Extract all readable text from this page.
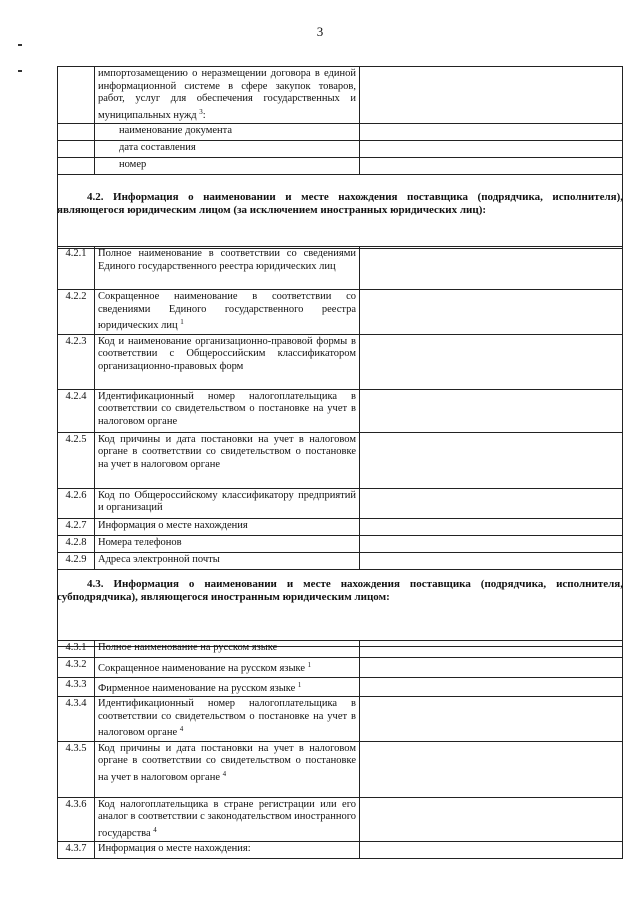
3
	импортозамещению о неразмещении договора в единой информационной системе в сфере закупок товаров, работ, услуг для обеспечения государственных и муниципальных нужд $^3$:	
	наименование документа	
	дата составления	
	номер	

4.2. Информация о наименовании и месте нахождения поставщика (подрядчика, исполнителя), являющегося юридическим лицом (за исключением иностранных юридических лиц):
4.2.1	Полное наименование в соответствии со сведениями Единого государственного реестра юридических лиц	
4.2.2	Сокращенное наименование в соответствии со сведениями Единого государственного реестра юридических лиц $^1$	
4.2.3	Код и наименование организационно-правовой формы в соответствии с Общероссийским классификатором организационно-правовых форм	
4.2.4	Идентификационный номер налогоплательщика в соответствии со свидетельством о постановке на учет в налоговом органе	
4.2.5	Код причины и дата постановки на учет в налоговом органе в соответствии со свидетельством о постановке на учет в налоговом органе	
4.2.6	Код по Общероссийскому классификатору предприятий и организаций	
4.2.7	Информация о месте нахождения	
4.2.8	Номера телефонов	
4.2.9	Адреса электронной почты	

4.3. Информация о наименовании и месте нахождения поставщика (подрядчика, исполнителя, субподрядчика), являющегося иностранным юридическим лицом:
4.3.1	Полное наименование на русском языке	
4.3.2	Сокращенное наименование на русском языке $^1$	
4.3.3	Фирменное наименование на русском языке $^1$	
4.3.4	Идентификационный номер налогоплательщика в соответствии со свидетельством о постановке на учет в налоговом органе $^4$	
4.3.5	Код причины и дата постановки на учет в налоговом органе в соответствии со свидетельством о постановке на учет в налоговом органе $^4$	
4.3.6	Код налогоплательщика в стране регистрации или его аналог в соответствии с законодательством иностранного государства $^4$	
4.3.7	Информация о месте нахождения:	
